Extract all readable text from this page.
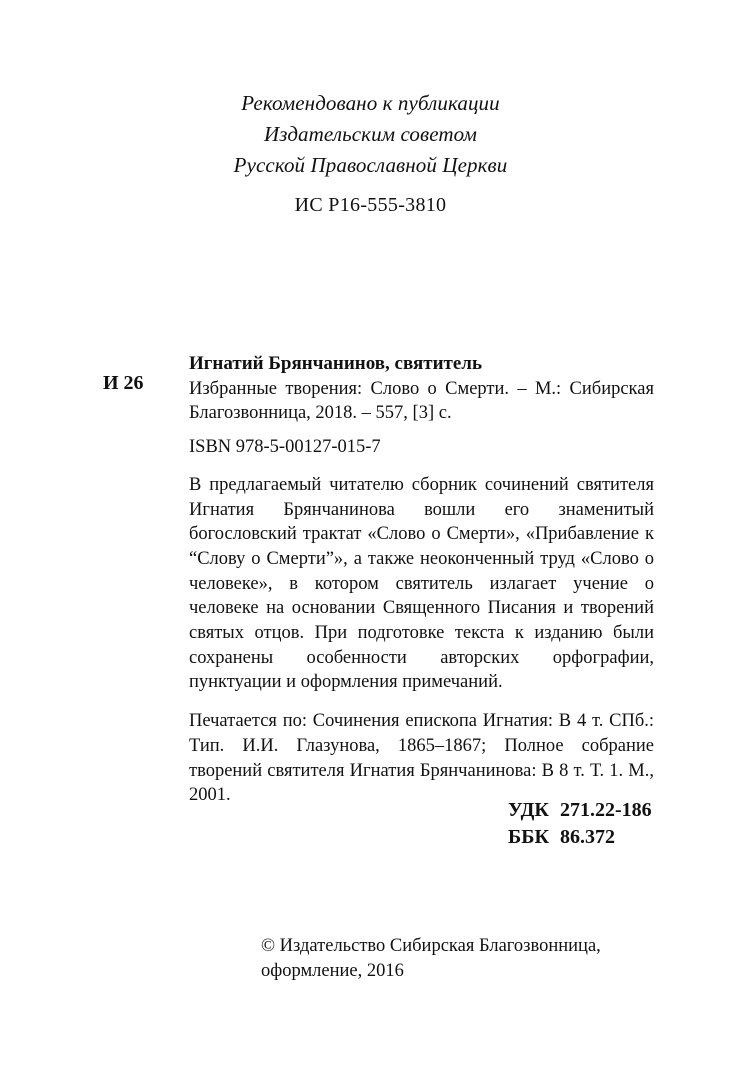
Рекомендовано к публикации
Издательским советом
Русской Православной Церкви
ИС Р16-555-3810
И 26
Игнатий Брянчанинов, святитель
Избранные творения: Слово о Смерти. – М.: Сибирская Благозвонница, 2018. – 557, [3] с.
ISBN 978-5-00127-015-7
В предлагаемый читателю сборник сочинений святителя Игнатия Брянчанинова вошли его знаменитый богословский трактат «Слово о Смерти», «Прибавление к “Слову о Смерти”», а также неоконченный труд «Слово о человеке», в котором святитель излагает учение о человеке на основании Священного Писания и творений святых отцов. При подготовке текста к изданию были сохранены особенности авторских орфографии, пунктуации и оформления примечаний.
Печатается по: Сочинения епископа Игнатия: В 4 т. СПб.: Тип. И.И. Глазунова, 1865–1867; Полное собрание творений святителя Игнатия Брянчанинова: В 8 т. Т. 1. М., 2001.
УДК 271.22-186
ББК 86.372
© Издательство Сибирская Благозвонница,
оформление, 2016
